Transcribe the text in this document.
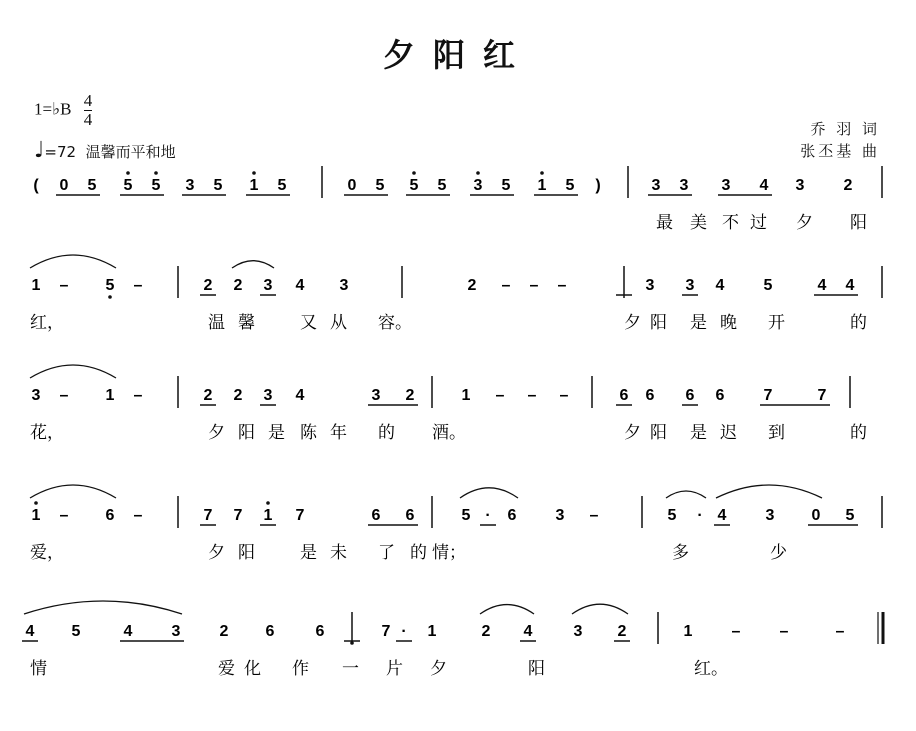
夕阳红
1=♭B $\frac{4}{4}$
♩=72 温馨而平和地
乔 羽 词
张丕基 曲
( 0 5 5 5 3 5 1 5	0 5 5 5 3 5 1 5 )	3 3 3 4 3 2
最 美 不 过 夕 阳
1 – 5 –	2 2 3 4 3	2 – – –	3 3 4 5	4 4
红，	温 馨	又 从 容。	夕 阳 是 晚 开	的
3 – 1 –	2 2 3 4	3 2	1 – – –	6 6 6 6 7	7
花，	夕 阳 是 陈 年 的 酒。	夕 阳 是 迟 到	的
1 – 6 –	7 7 1 7	6 6	5 · 6 3 –	5 · 4 3 0 5
爱，	夕 阳	是 未 了 的 情；	多	少
4 5	4 3 2 6	6	7 · 1	2 4	3 2	1 – –	–
情	爱 化 作 一 片 夕	阳	红。
